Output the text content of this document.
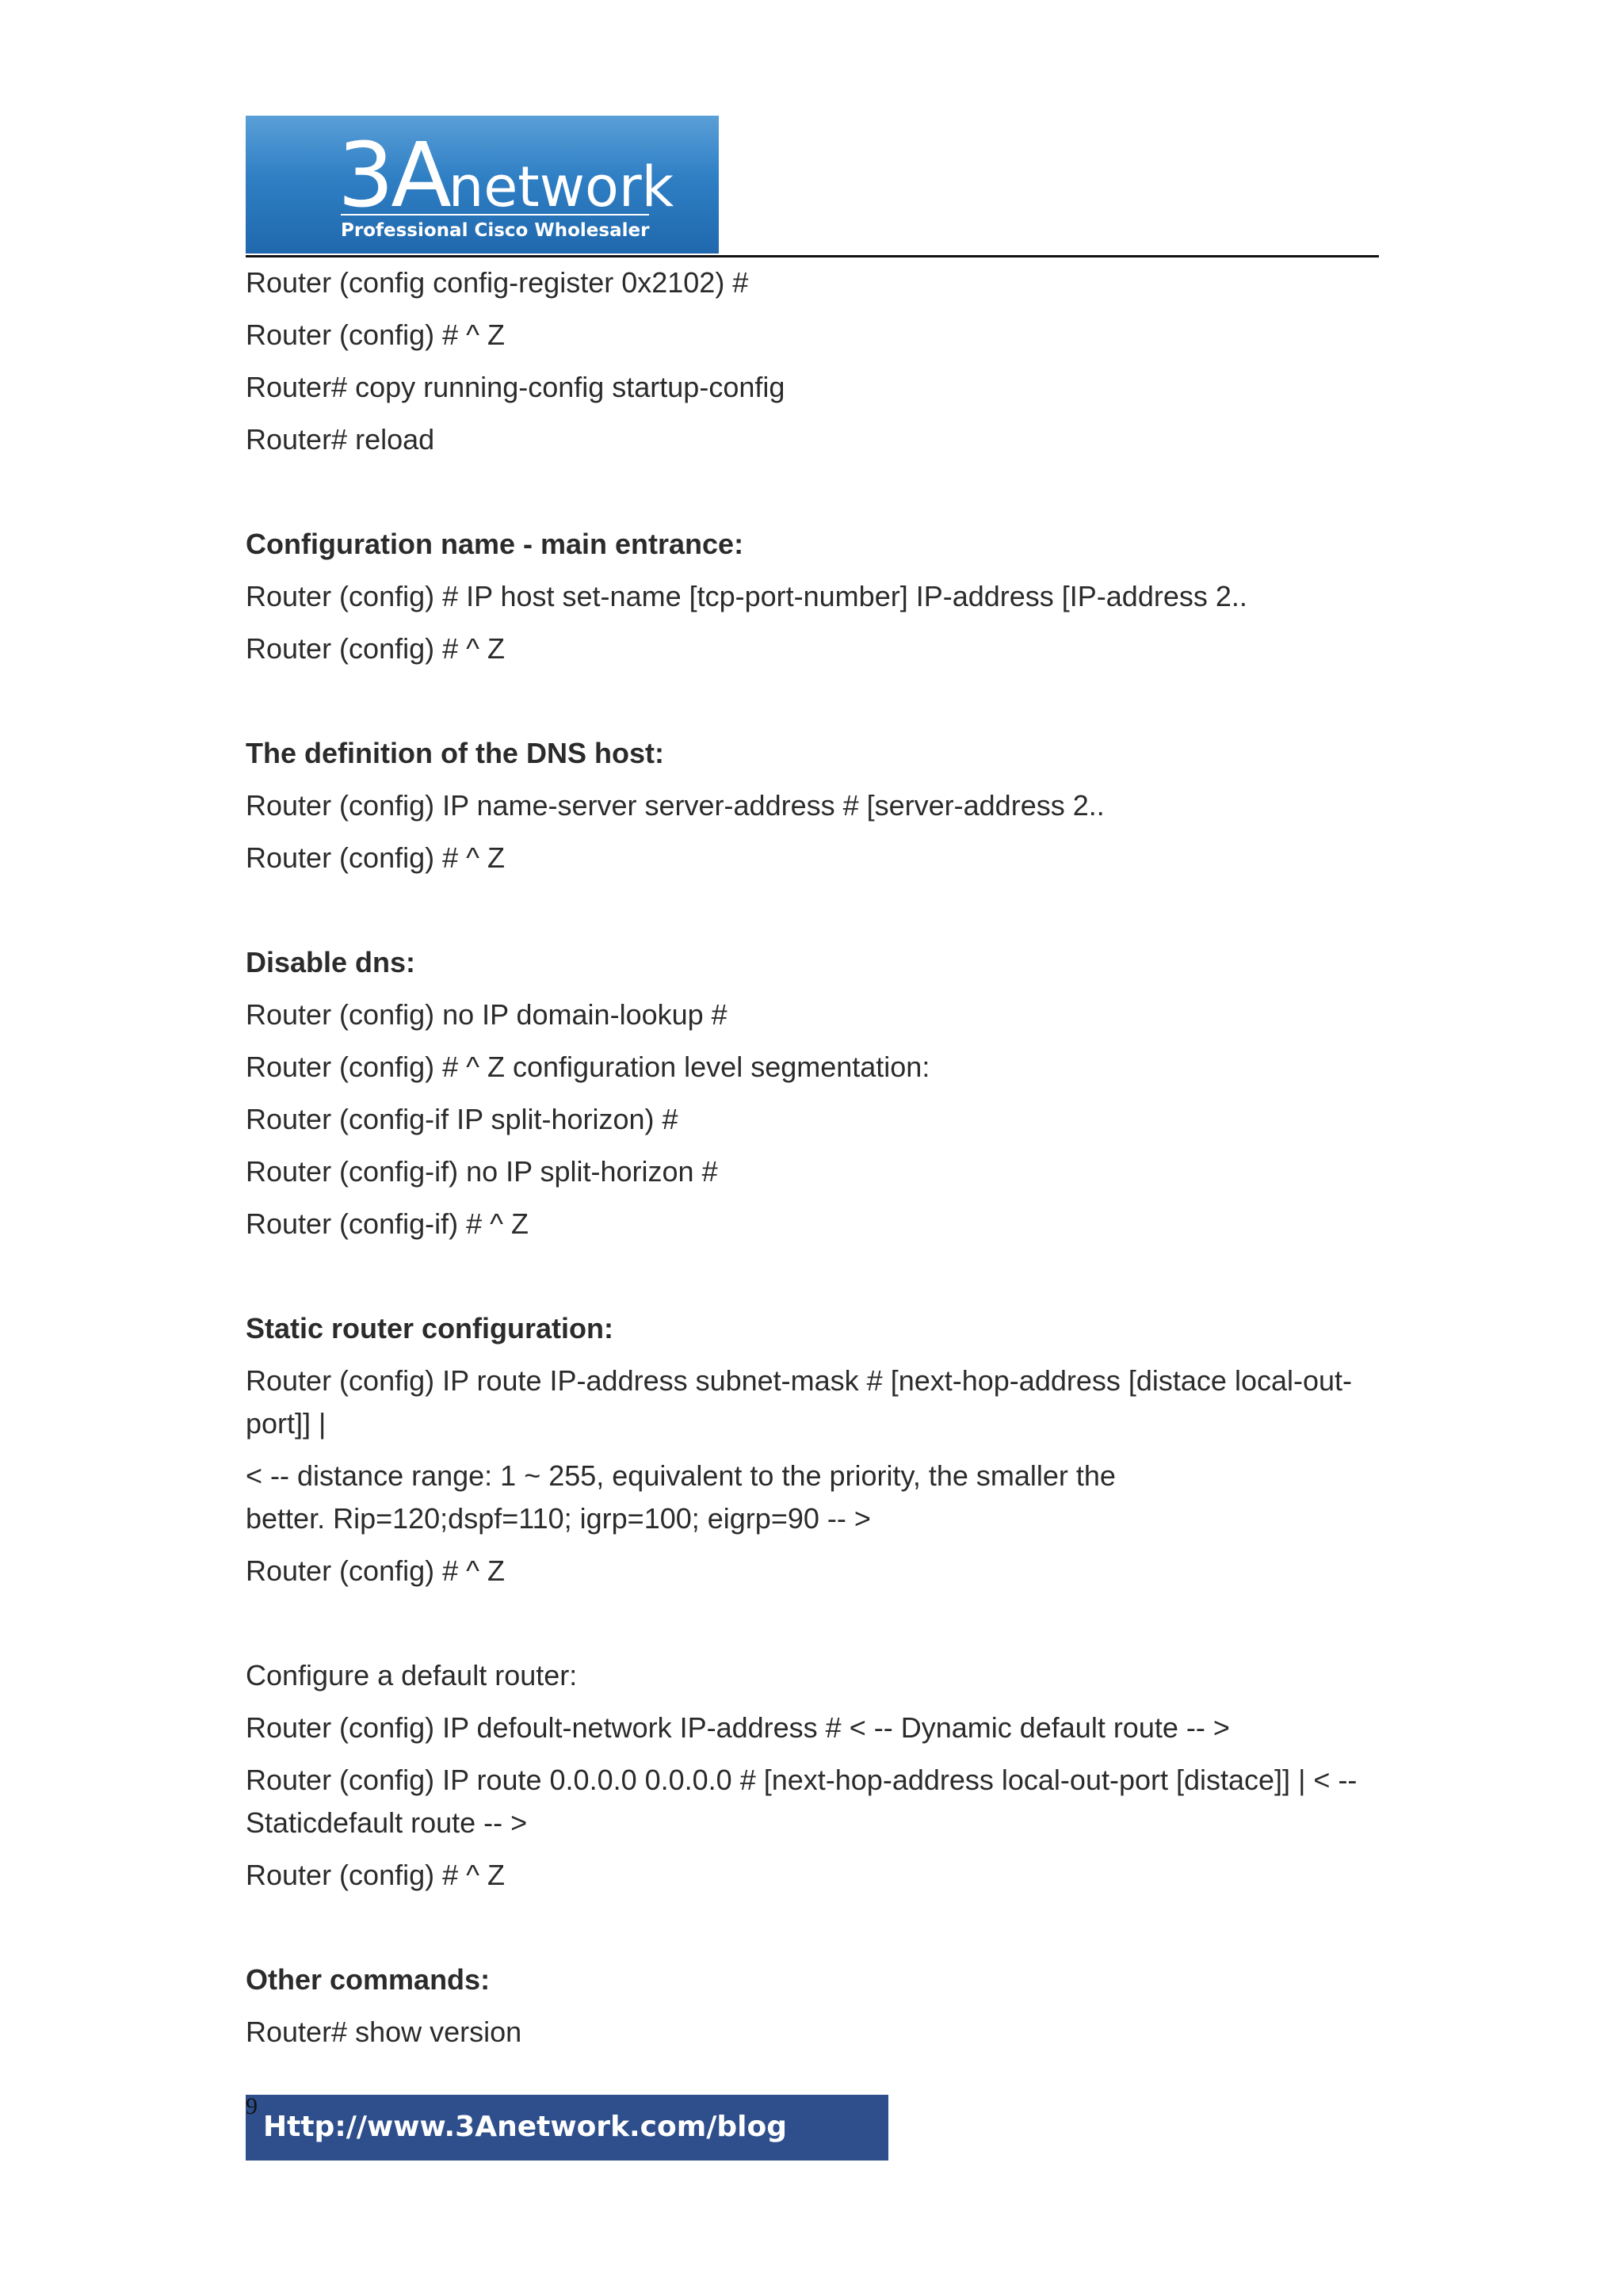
3Anetwork
Professional Cisco Wholesaler
Router (config config-register 0x2102) #
Router (config) # ^ Z
Router# copy running-config startup-config
Router# reload
Configuration name - main entrance:
Router (config) # IP host set-name [tcp-port-number] IP-address [IP-address 2..
Router (config) # ^ Z
The definition of the DNS host:
Router (config) IP name-server server-address # [server-address 2..
Router (config) # ^ Z
Disable dns:
Router (config) no IP domain-lookup #
Router (config) # ^ Z configuration level segmentation:
Router (config-if IP split-horizon) #
Router (config-if) no IP split-horizon #
Router (config-if) # ^ Z
Static router configuration:
Router (config) IP route IP-address subnet-mask # [next-hop-address [distace local-out-
port]] |
< -- distance range: 1 ~ 255, equivalent to the priority, the smaller the
better. Rip=120;dspf=110; igrp=100; eigrp=90 -- >
Router (config) # ^ Z
Configure a default router:
Router (config) IP defoult-network IP-address # < -- Dynamic default route -- >
Router (config) IP route 0.0.0.0 0.0.0.0 # [next-hop-address local-out-port [distace]] | < --
Staticdefault route -- >
Router (config) # ^ Z
Other commands:
Router# show version
Http://www.3Anetwork.com/blog
9
